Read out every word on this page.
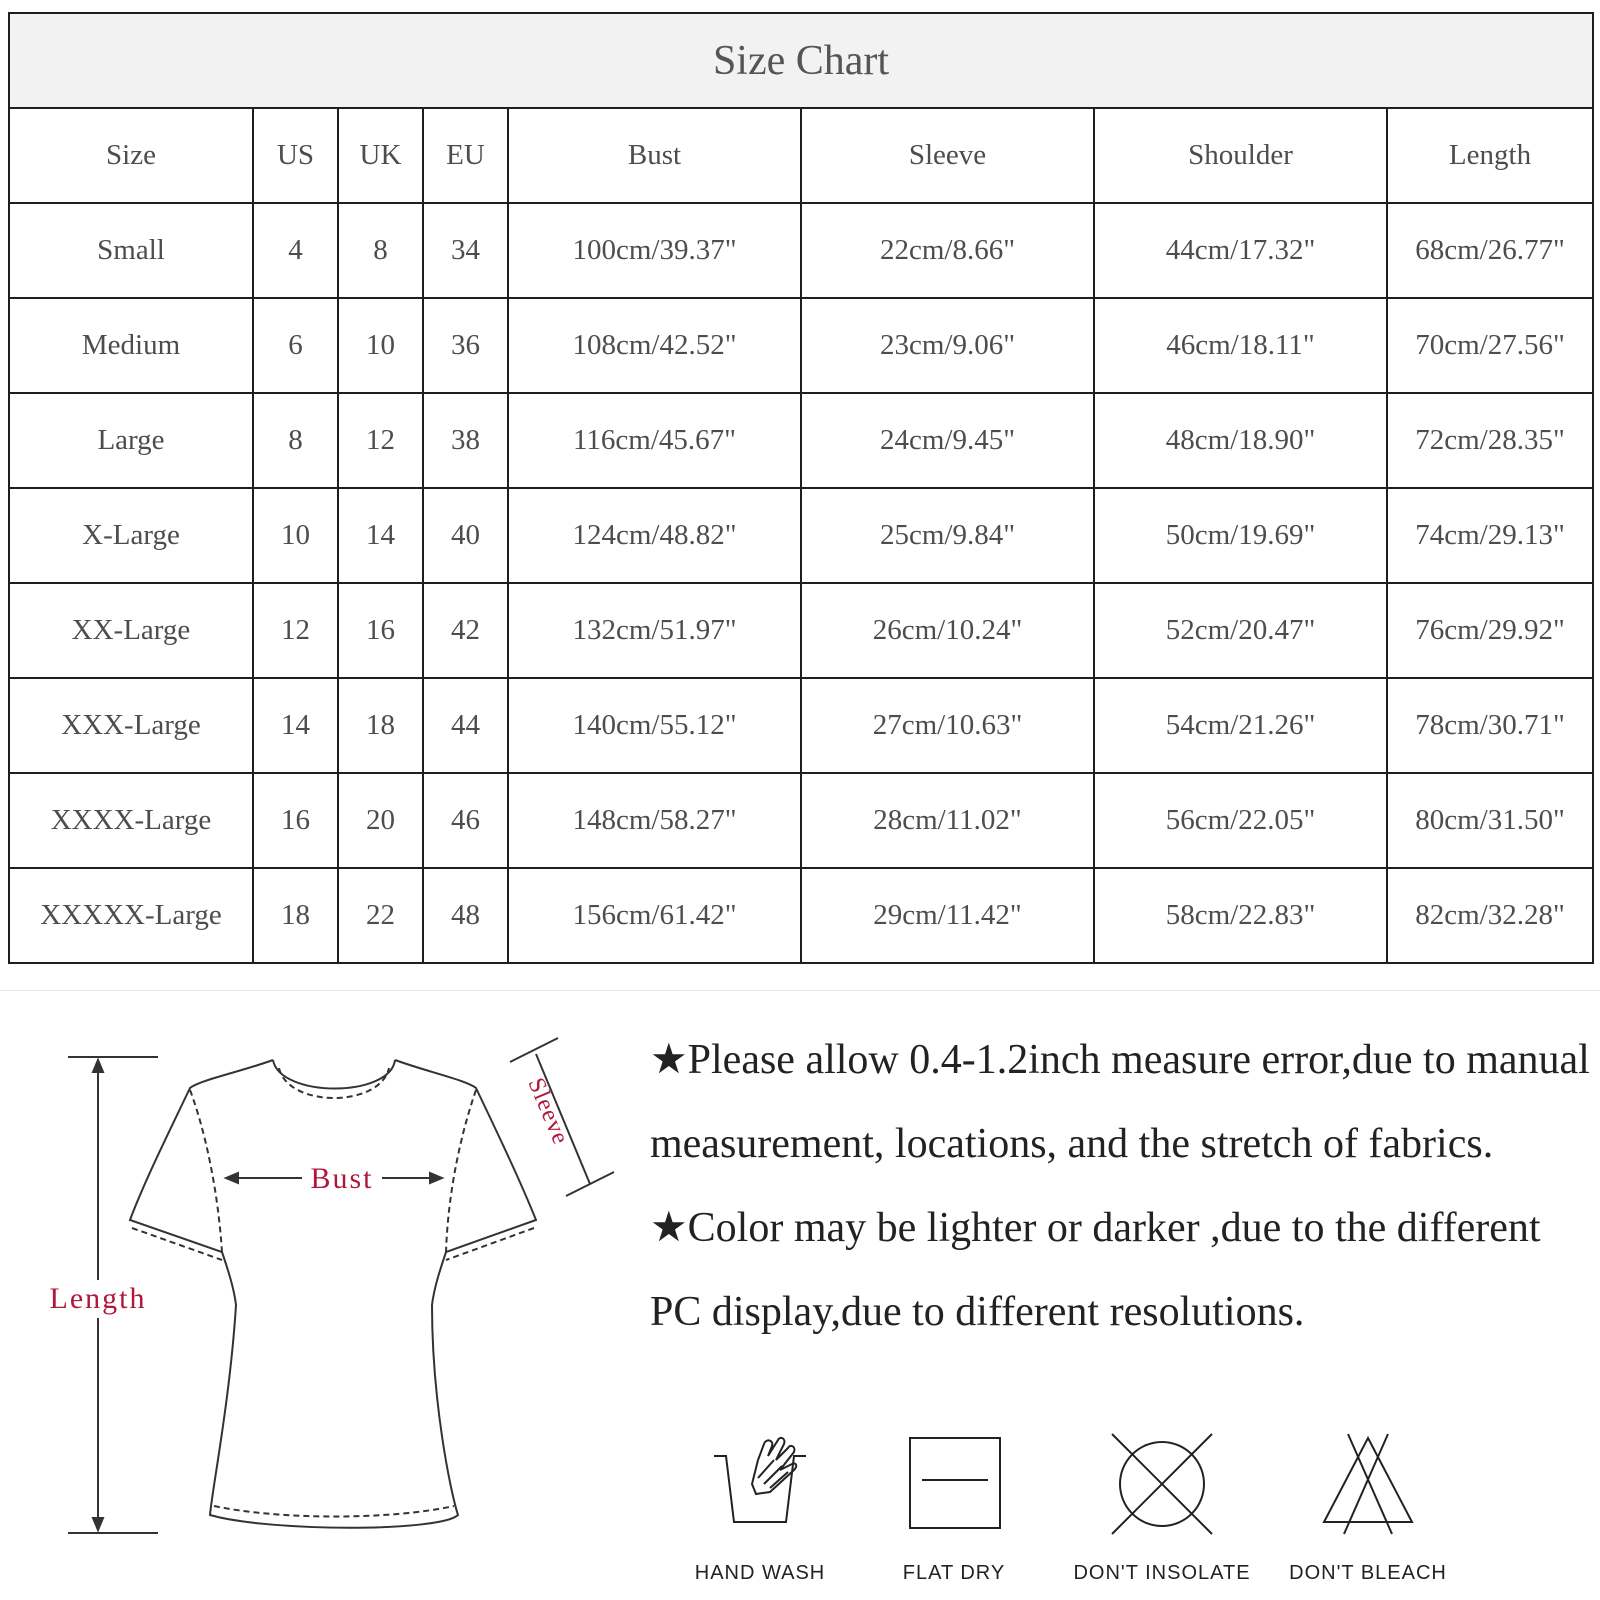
Size Chart							
Size	US	UK	EU	Bust	Sleeve	Shoulder	Length
Small	4	8	34	100cm/39.37"	22cm/8.66"	44cm/17.32"	68cm/26.77"
Medium	6	10	36	108cm/42.52"	23cm/9.06"	46cm/18.11"	70cm/27.56"
Large	8	12	38	116cm/45.67"	24cm/9.45"	48cm/18.90"	72cm/28.35"
X-Large	10	14	40	124cm/48.82"	25cm/9.84"	50cm/19.69"	74cm/29.13"
XX-Large	12	16	42	132cm/51.97"	26cm/10.24"	52cm/20.47"	76cm/29.92"
XXX-Large	14	18	44	140cm/55.12"	27cm/10.63"	54cm/21.26"	78cm/30.71"
XXXX-Large	16	20	46	148cm/58.27"	28cm/11.02"	56cm/22.05"	80cm/31.50"
XXXXX-Large	18	22	48	156cm/61.42"	29cm/11.42"	58cm/22.83"	82cm/32.28"
Bust
Length
Sleeve

★Please allow 0.4-1.2inch measure error,due to manual measurement, locations, and the stretch of fabrics.

★Color may be lighter or darker ,due to the different PC display,due to different resolutions.

HAND WASH	FLAT DRY	DON'T INSOLATE	DON'T BLEACH
